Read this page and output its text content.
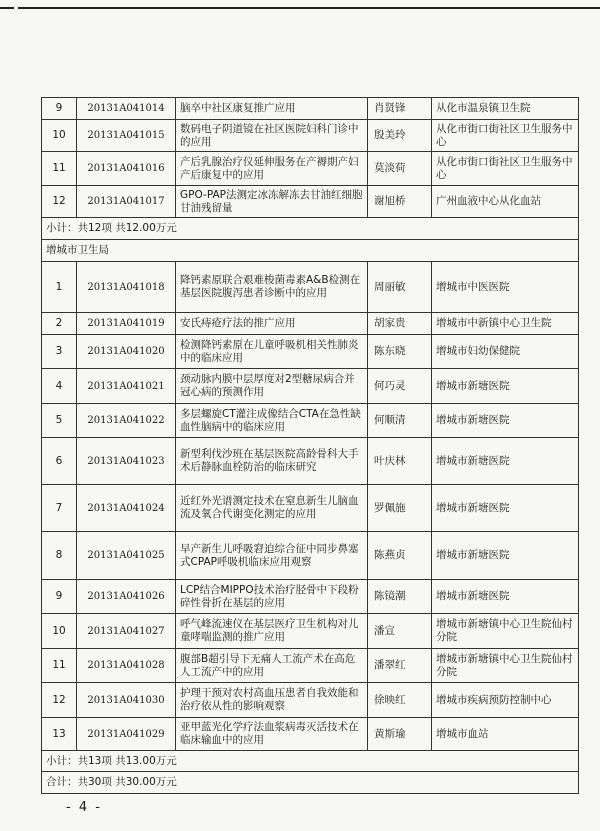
9	20131A041014	脑卒中社区康复推广应用	肖贤锋	从化市温泉镇卫生院
10	20131A041015	数码电子阴道镜在社区医院妇科门诊中的应用	殷美玲	从化市街口街社区卫生服务中心
11	20131A041016	产后乳腺治疗仪延伸服务在产褥期产妇产后康复中的应用	莫淡荷	从化市街口街社区卫生服务中心
12	20131A041017	GPO-PAP法测定冰冻解冻去甘油红细胞甘油残留量	谢旭桥	广州血液中心从化血站
小计：共12项 共12.00万元				
增城市卫生局				
1	20131A041018	降钙素原联合艰难梭菌毒素A&B检测在基层医院腹泻患者诊断中的应用	周丽敏	增城市中医医院
2	20131A041019	安氏痔疮疗法的推广应用	胡家贵	增城市中新镇中心卫生院
3	20131A041020	检测降钙素原在儿童呼吸机相关性肺炎中的临床应用	陈东晓	增城市妇幼保健院
4	20131A041021	颈动脉内膜中层厚度对2型糖尿病合并冠心病的预测作用	何巧灵	增城市新塘医院
5	20131A041022	多层螺旋CT灌注成像结合CTA在急性缺血性脑病中的临床应用	何顺清	增城市新塘医院
6	20131A041023	新型利伐沙班在基层医院高龄骨科大手术后静脉血栓防治的临床研究	叶庆林	增城市新塘医院
7	20131A041024	近红外光谱测定技术在窒息新生儿脑血流及氧合代谢变化测定的应用	罗佩施	增城市新塘医院
8	20131A041025	早产新生儿呼吸窘迫综合征中同步鼻塞式CPAP呼吸机临床应用观察	陈燕贞	增城市新塘医院
9	20131A041026	LCP结合MIPPO技术治疗胫骨中下段粉碎性骨折在基层的应用	陈镜潮	增城市新塘医院
10	20131A041027	呼气峰流速仪在基层医疗卫生机构对儿童哮喘监测的推广应用	潘宣	增城市新塘镇中心卫生院仙村分院
11	20131A041028	腹部B超引导下无痛人工流产术在高危人工流产中的应用	潘翠红	增城市新塘镇中心卫生院仙村分院
12	20131A041030	护理干预对农村高血压患者自我效能和治疗依从性的影响观察	徐映红	增城市疾病预防控制中心
13	20131A041029	亚甲蓝光化学疗法血浆病毒灭活技术在临床输血中的应用	黄斯瑜	增城市血站
小计：共13项 共13.00万元				
合计：共30项 共30.00万元				
- 4 -
